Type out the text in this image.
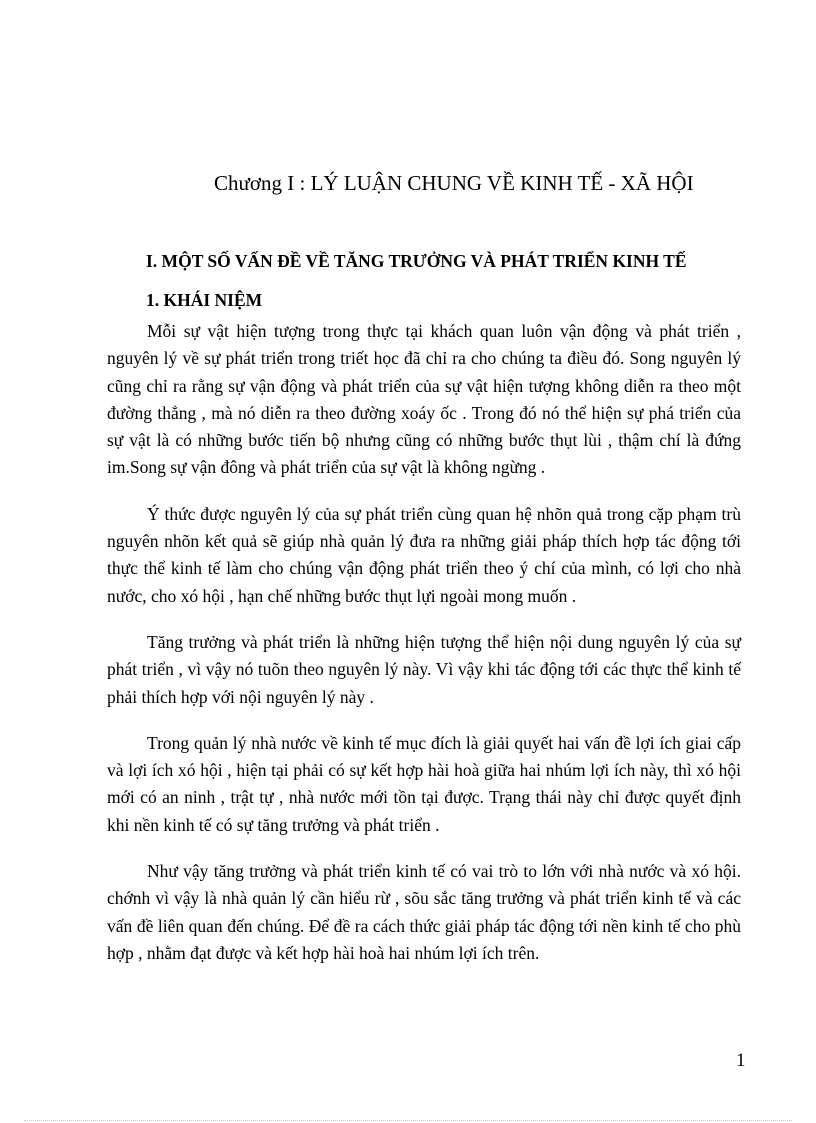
Chương I : LÝ LUẬN CHUNG VỀ KINH TẾ - XÃ HỘI
I. MỘT SỐ VẤN ĐỀ VỀ TĂNG TRƯỞNG VÀ PHÁT TRIỂN KINH TẾ
1. KHÁI NIỆM

Mỗi sự vật hiện tượng trong thực tại khách quan luôn vận động và phát triển , nguyên lý về sự phát triển trong triết học đã chỉ ra cho chúng ta điều đó. Song nguyên lý cũng chỉ ra rằng sự vận động và phát triển của sự vật hiện tượng không diễn ra theo một đường thẳng , mà nó diễn ra theo đường xoáy ốc . Trong đó nó thể hiện sự phá triển của sự vật là có những bước tiến bộ nhưng cũng có những bước thụt lùi , thậm chí là đứng im.Song sự vận đông và phát triển của sự vật là không ngừng .

Ý thức được nguyên lý của sự phát triển cùng quan hệ nhõn quả trong cặp phạm trù nguyên nhõn kết quả sẽ giúp nhà quản lý đưa ra những giải pháp thích hợp tác động tới thực thể kinh tế làm cho chúng vận động phát triển theo ý chí của mình, có lợi cho nhà nước, cho xó hội , hạn chế những bước thụt lựi ngoài mong muốn .

Tăng trưởng và phát triển là những hiện tượng thể hiện nội dung nguyên lý của sự phát triển , vì vậy nó tuõn theo nguyên lý này. Vì vậy khi tác động tới các thực thể kinh tế phải thích hợp với nội nguyên lý này .

Trong quản lý nhà nước về kinh tế mục đích là giải quyết hai vấn đề lợi ích giai cấp và lợi ích xó hội , hiện tại phải có sự kết hợp hài hoà giữa hai nhúm lợi ích này, thì xó hội mới có an ninh , trật tự , nhà nước mới tồn tại được. Trạng thái này chỉ được quyết định khi nền kinh tế có sự tăng trưởng và phát triển .

Như vậy tăng trưởng và phát triển kinh tế có vai trò to lớn với nhà nước và xó hội. chớnh vì vậy là nhà quản lý cần hiểu rừ , sõu sắc tăng trưởng và phát triển kinh tế và các vấn đề liên quan đến chúng. Để đề ra cách thức giải pháp tác động tới nền kinh tế cho phù hợp , nhằm đạt được và kết hợp hài hoà hai nhúm lợi ích trên.

1
